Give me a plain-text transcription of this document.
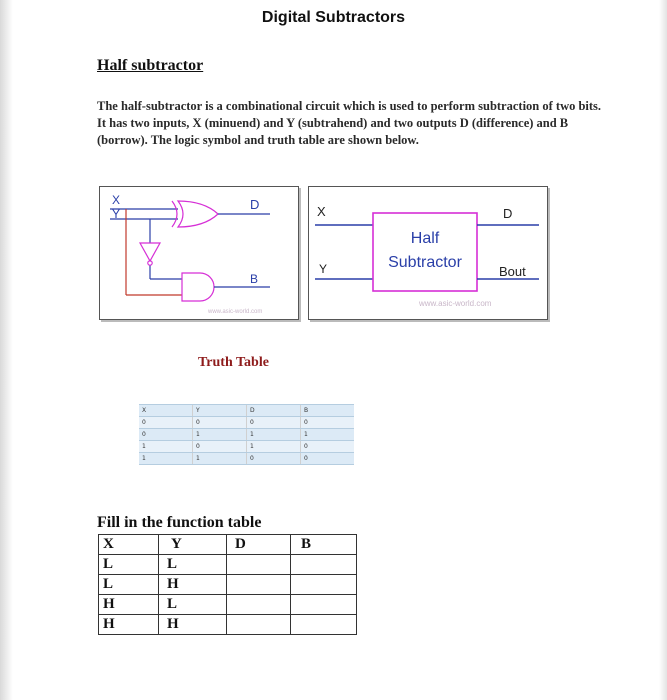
Digital Subtractors
Half subtractor
The half-subtractor is a combinational circuit which is used to perform subtraction of two bits. It has two inputs, X (minuend) and Y (subtrahend) and two outputs D (difference) and B (borrow). The logic symbol and truth table are shown below.
X
Y
D
B
www.asic-world.com
X
Y
D
Bout
Half
Subtractor
www.asic-world.com
Truth Table
X	Y	D	B
0	0	0	0
0	1	1	1
1	0	1	0
1	1	0	0
Fill in the function table
X	Y	D	B
L	L		
L	H		
H	L		
H	H		
